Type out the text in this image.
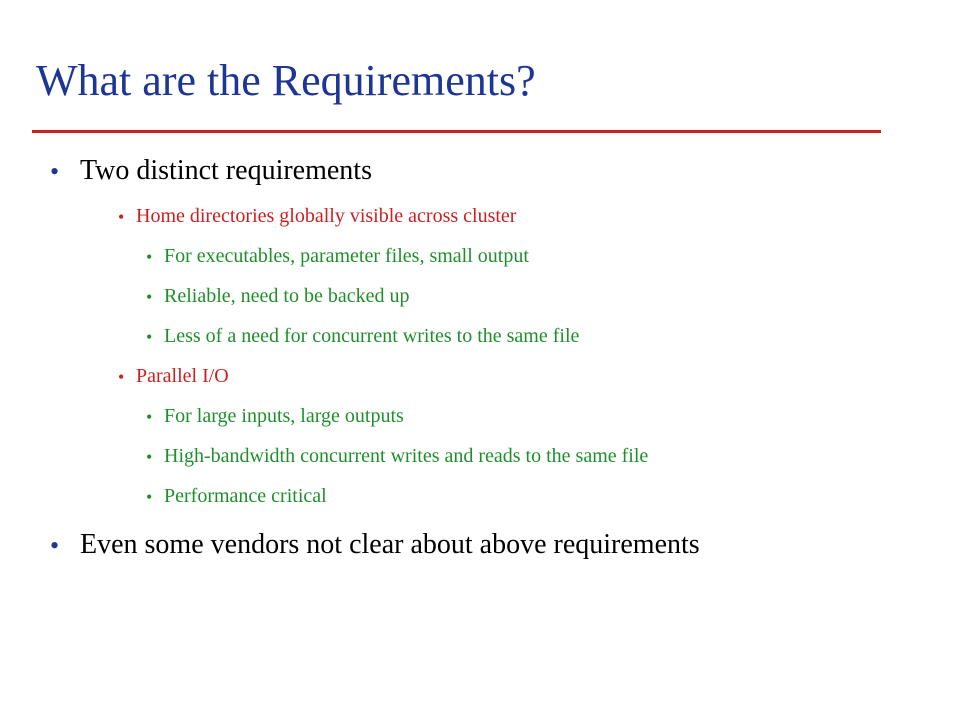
What are the Requirements?
• Two distinct requirements
• Home directories globally visible across cluster
• For executables, parameter files, small output
• Reliable, need to be backed up
• Less of a need for concurrent writes to the same file
• Parallel I/O
• For large inputs, large outputs
• High-bandwidth concurrent writes and reads to the same file
• Performance critical
• Even some vendors not clear about above requirements
